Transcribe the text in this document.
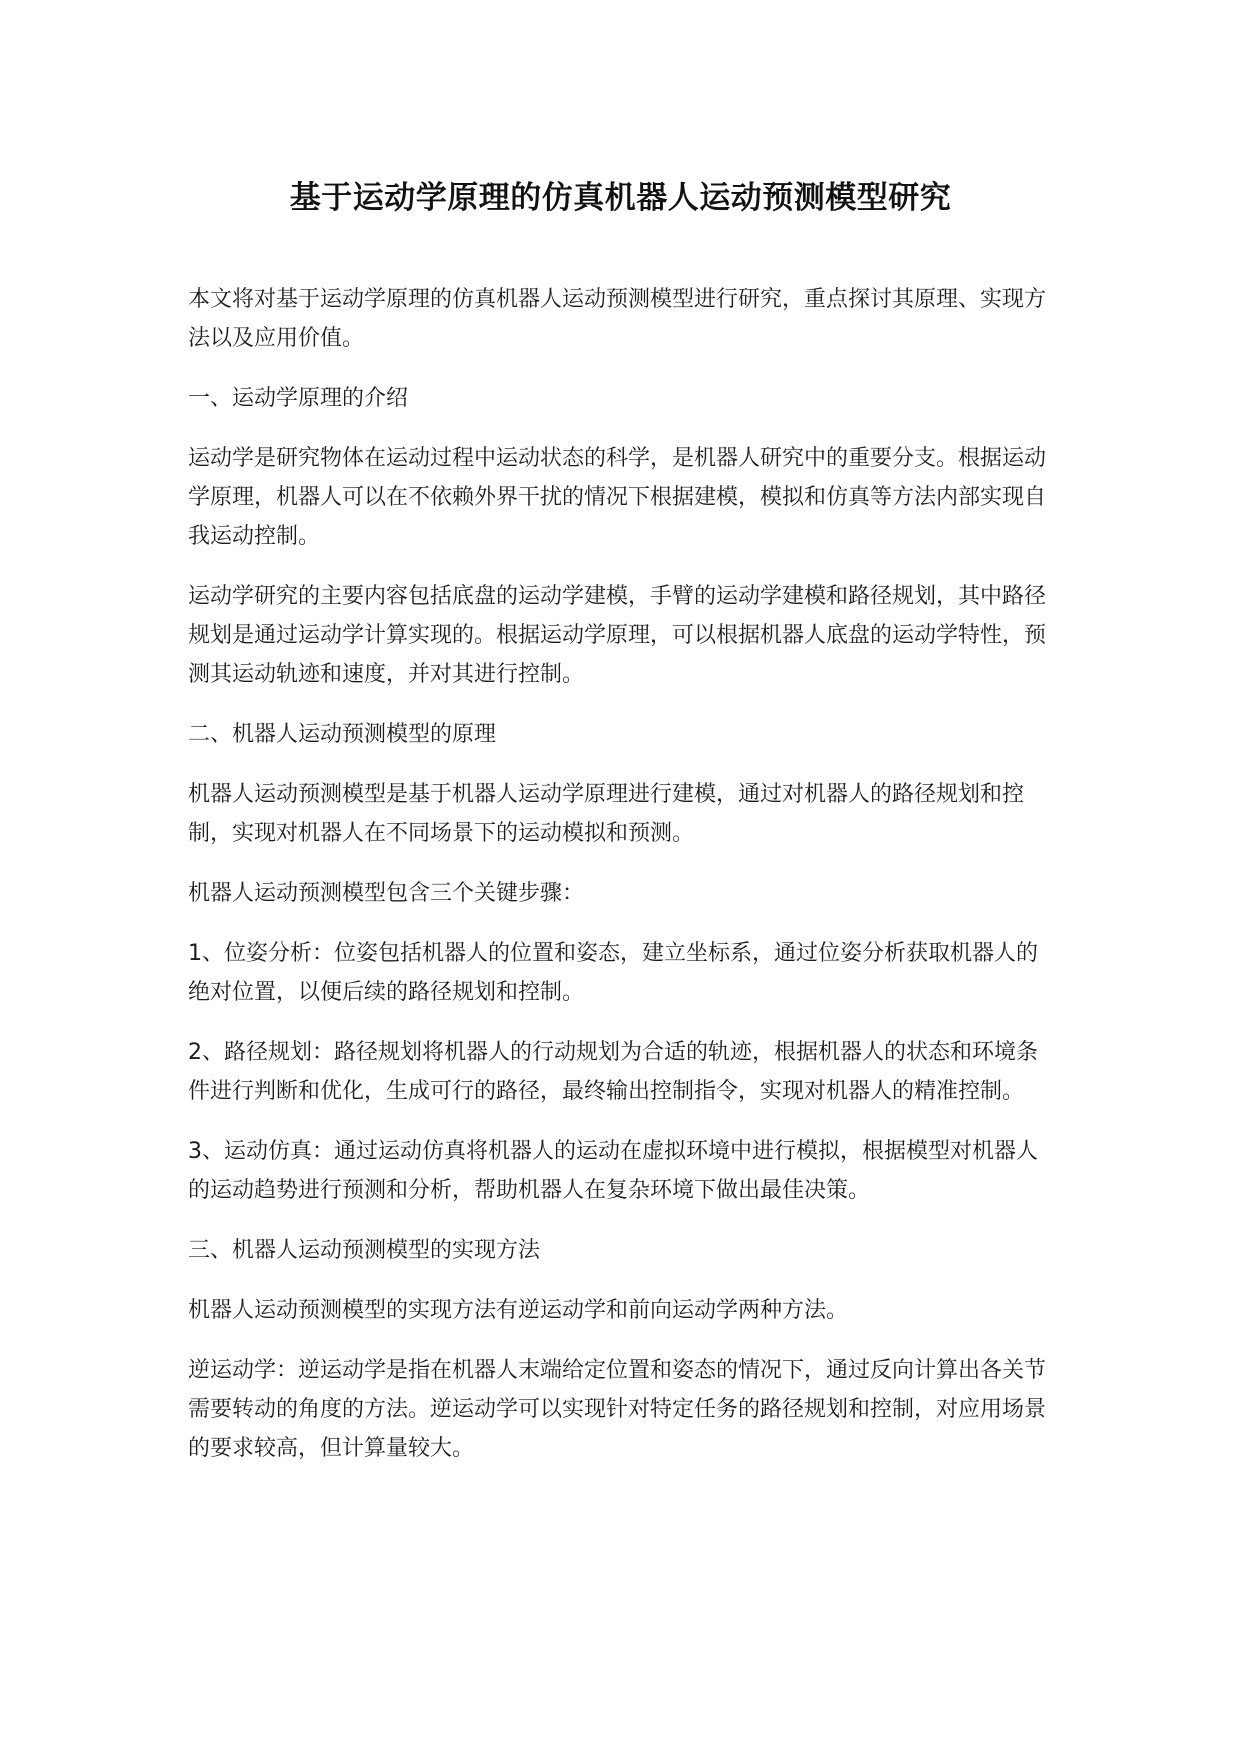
基于运动学原理的仿真机器人运动预测模型研究

本文将对基于运动学原理的仿真机器人运动预测模型进行研究，重点探讨其原理、实现方法以及应用价值。

一、运动学原理的介绍

运动学是研究物体在运动过程中运动状态的科学，是机器人研究中的重要分支。根据运动学原理，机器人可以在不依赖外界干扰的情况下根据建模，模拟和仿真等方法内部实现自我运动控制。

运动学研究的主要内容包括底盘的运动学建模，手臂的运动学建模和路径规划，其中路径规划是通过运动学计算实现的。根据运动学原理，可以根据机器人底盘的运动学特性，预测其运动轨迹和速度，并对其进行控制。

二、机器人运动预测模型的原理

机器人运动预测模型是基于机器人运动学原理进行建模，通过对机器人的路径规划和控制，实现对机器人在不同场景下的运动模拟和预测。

机器人运动预测模型包含三个关键步骤：

1、位姿分析：位姿包括机器人的位置和姿态，建立坐标系，通过位姿分析获取机器人的绝对位置，以便后续的路径规划和控制。

2、路径规划：路径规划将机器人的行动规划为合适的轨迹，根据机器人的状态和环境条件进行判断和优化，生成可行的路径，最终输出控制指令，实现对机器人的精准控制。

3、运动仿真：通过运动仿真将机器人的运动在虚拟环境中进行模拟，根据模型对机器人的运动趋势进行预测和分析，帮助机器人在复杂环境下做出最佳决策。

三、机器人运动预测模型的实现方法

机器人运动预测模型的实现方法有逆运动学和前向运动学两种方法。

逆运动学：逆运动学是指在机器人末端给定位置和姿态的情况下，通过反向计算出各关节需要转动的角度的方法。逆运动学可以实现针对特定任务的路径规划和控制，对应用场景的要求较高，但计算量较大。
